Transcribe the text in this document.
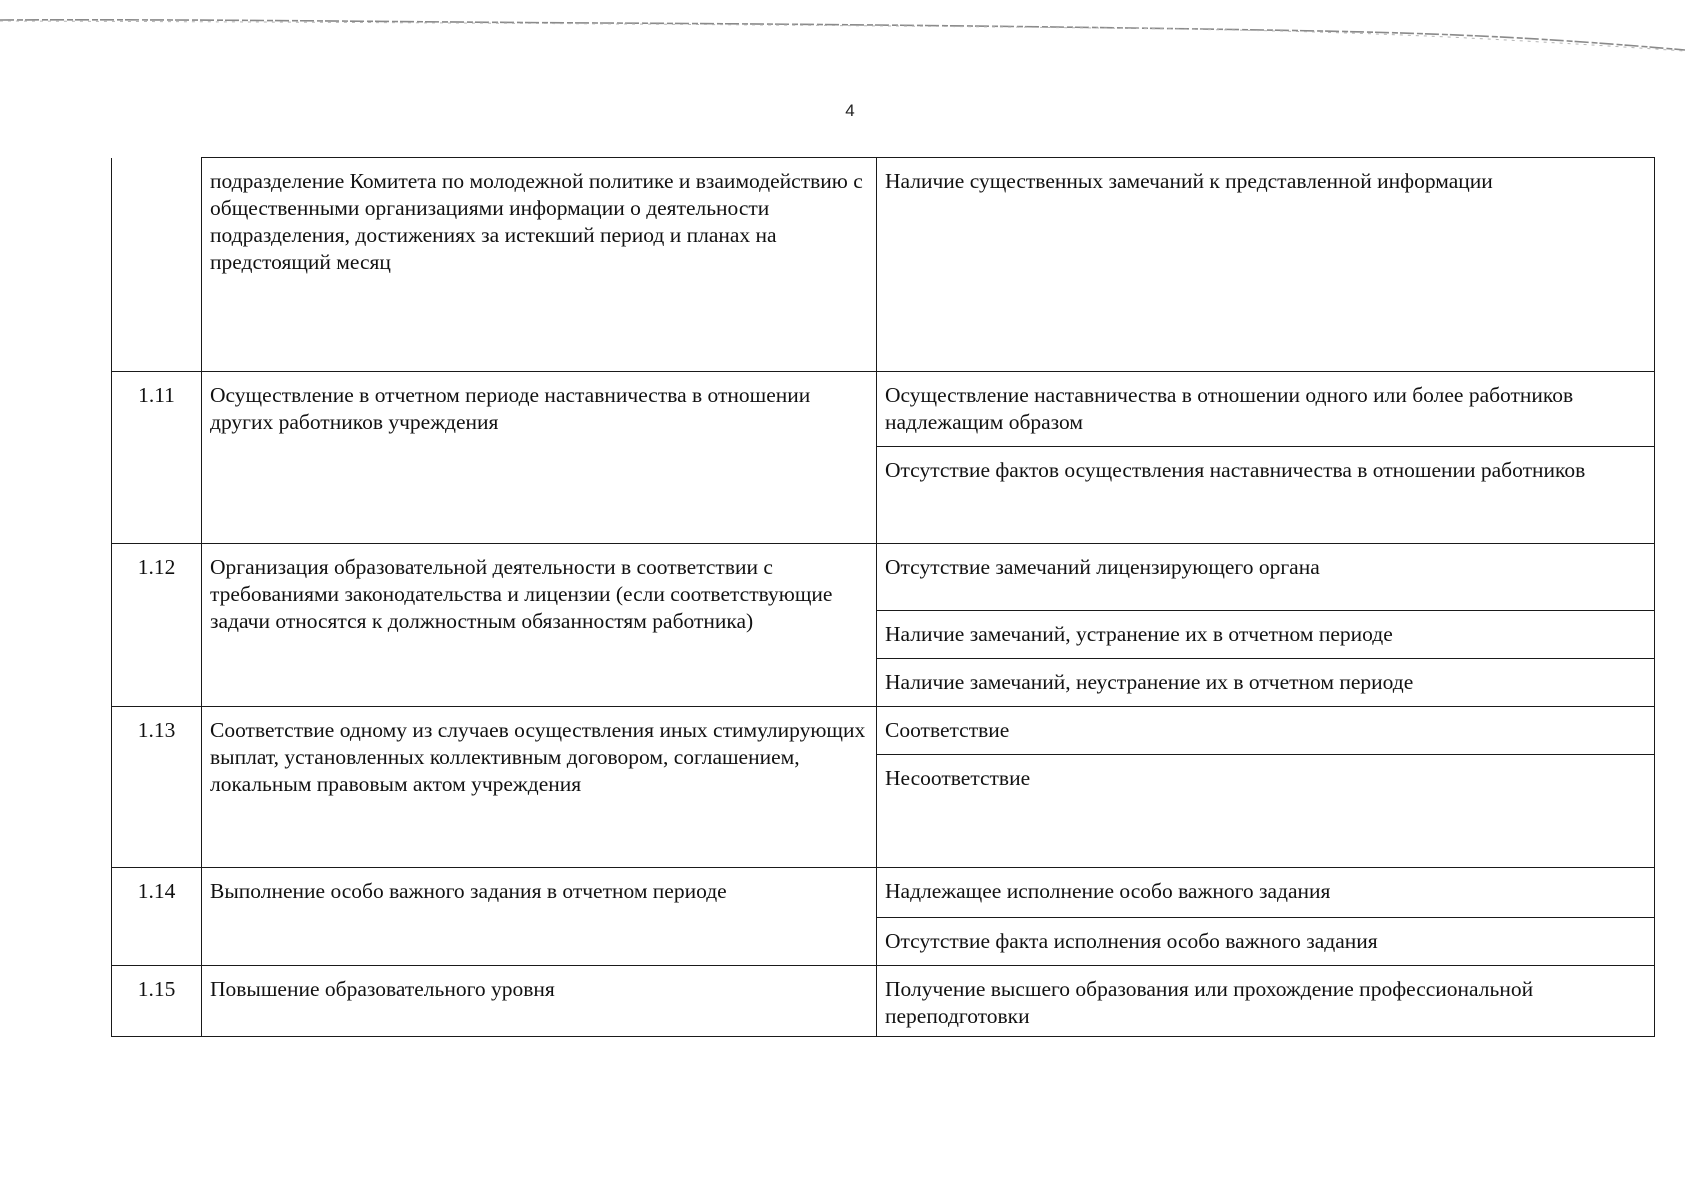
4
	подразделение Комитета по молодежной политике и взаимодействию с общественными организациями информации о деятельности подразделения, достижениях за истекший период и планах на предстоящий месяц	Наличие существенных замечаний к представленной информации
1.11	Осуществление в отчетном периоде наставничества в отношении других работников учреждения	Осуществление наставничества в отношении одного или более работников надлежащим образом
		Отсутствие фактов осуществления наставничества в отношении работников
1.12	Организация образовательной деятельности в соответствии с требованиями законодательства и лицензии (если соответствующие задачи относятся к должностным обязанностям работника)	Отсутствие замечаний лицензирующего органа
		Наличие замечаний, устранение их в отчетном периоде
		Наличие замечаний, неустранение их в отчетном периоде
1.13	Соответствие одному из случаев осуществления иных стимулирующих выплат, установленных коллективным договором, соглашением, локальным правовым актом учреждения	Соответствие
		Несоответствие
1.14	Выполнение особо важного задания в отчетном периоде	Надлежащее исполнение особо важного задания
		Отсутствие факта исполнения особо важного задания
1.15	Повышение образовательного уровня	Получение высшего образования или прохождение профессиональной переподготовки
